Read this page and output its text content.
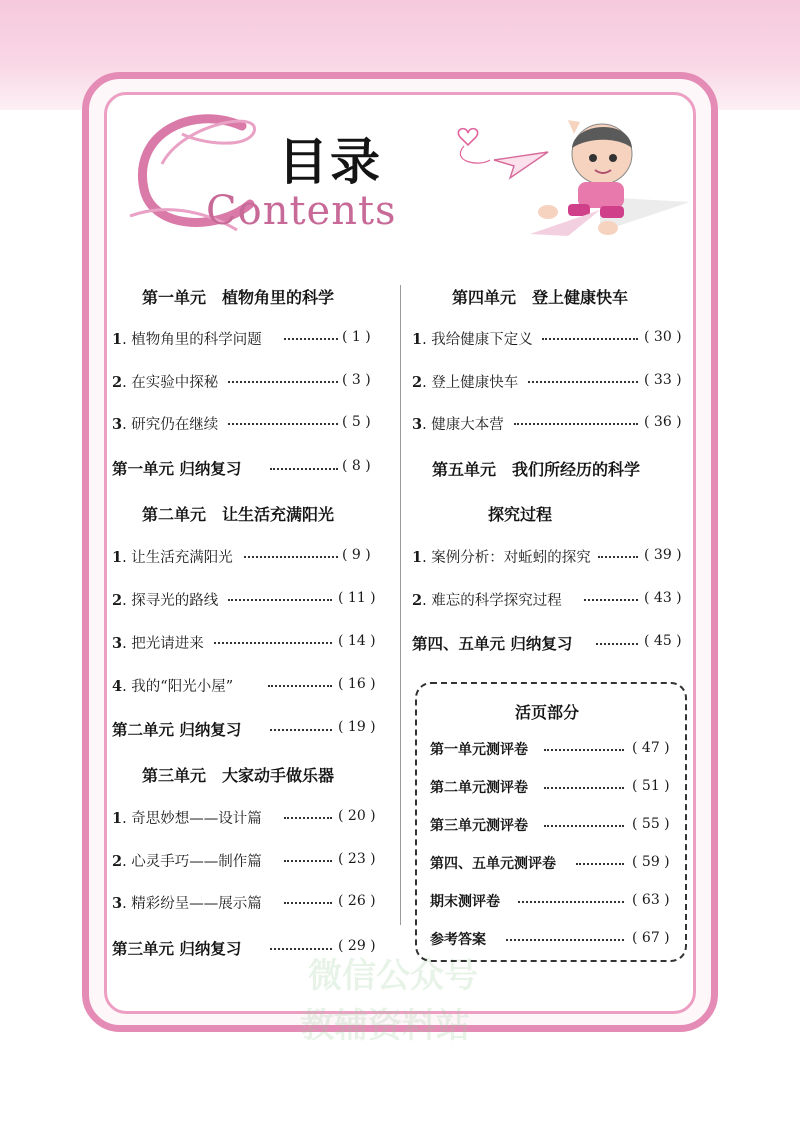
微信公众号
教辅资料站
目录
Contents
第一单元　植物角里的科学
1. 植物角里的科学问题	( 1 )
2. 在实验中探秘	( 3 )
3. 研究仍在继续	( 5 )
第一单元 归纳复习	( 8 )
第二单元　让生活充满阳光
1. 让生活充满阳光	( 9 )
2. 探寻光的路线	( 11 )
3. 把光请进来	( 14 )
4. 我的“阳光小屋”	( 16 )
第二单元 归纳复习	( 19 )
第三单元　大家动手做乐器
1. 奇思妙想——设计篇	( 20 )
2. 心灵手巧——制作篇	( 23 )
3. 精彩纷呈——展示篇	( 26 )
第三单元 归纳复习	( 29 )
第四单元　登上健康快车
1. 我给健康下定义	( 30 )
2. 登上健康快车	( 33 )
3. 健康大本营	( 36 )
第五单元　我们所经历的科学
探究过程
1. 案例分析：对蚯蚓的探究	( 39 )
2. 难忘的科学探究过程	( 43 )
第四、五单元 归纳复习	( 45 )
活页部分
第一单元测评卷	( 47 )
第二单元测评卷	( 51 )
第三单元测评卷	( 55 )
第四、五单元测评卷	( 59 )
期末测评卷	( 63 )
参考答案	( 67 )
